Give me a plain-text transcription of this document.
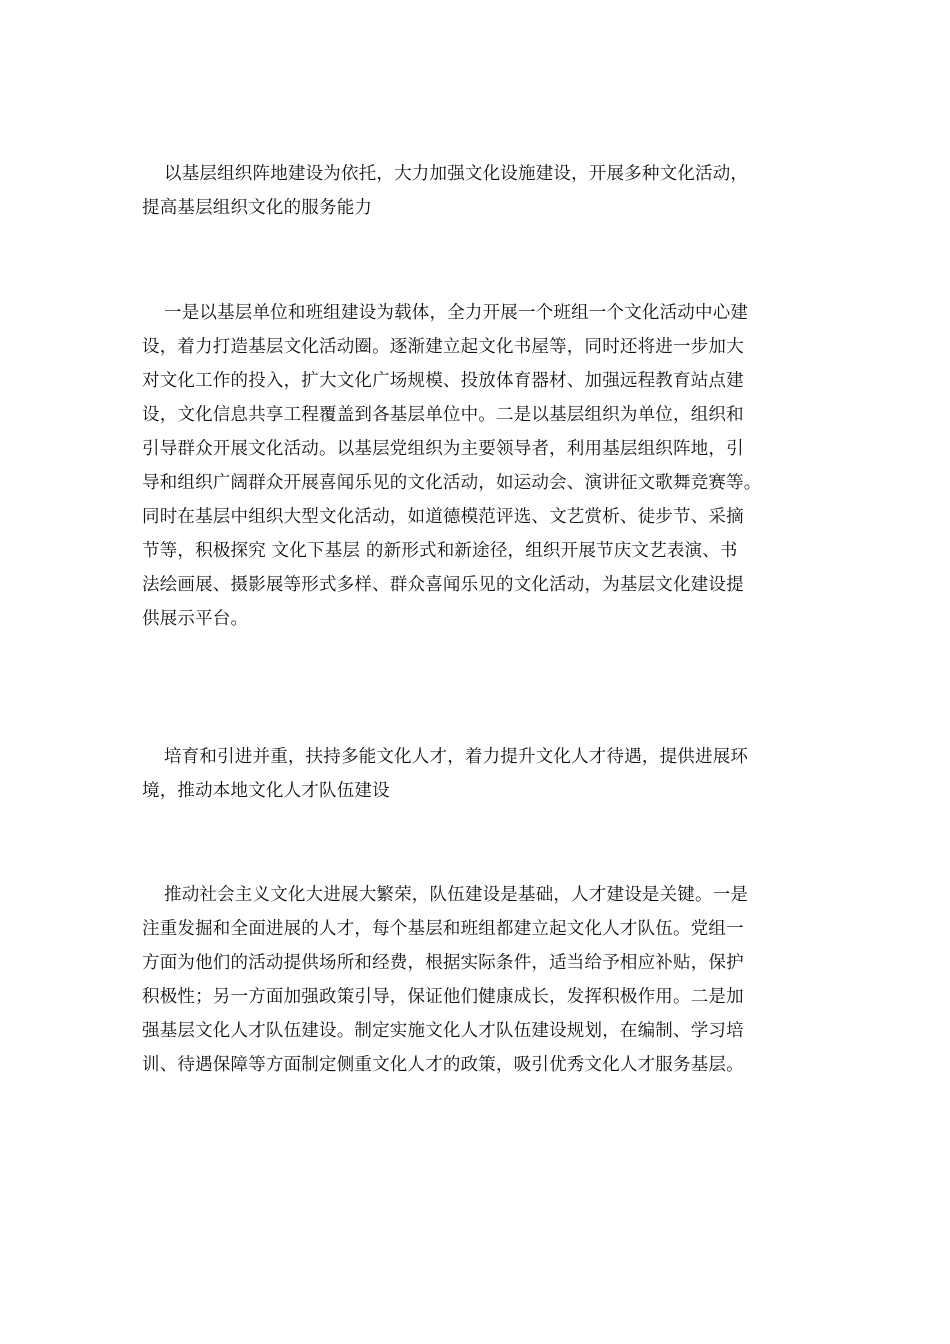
以基层组织阵地建设为依托，大力加强文化设施建设，开展多种文化活动，
提高基层组织文化的服务能力

一是以基层单位和班组建设为载体，全力开展一个班组一个文化活动中心建
设，着力打造基层文化活动圈。逐渐建立起文化书屋等，同时还将进一步加大
对文化工作的投入，扩大文化广场规模、投放体育器材、加强远程教育站点建
设，文化信息共享工程覆盖到各基层单位中。二是以基层组织为单位，组织和
引导群众开展文化活动。以基层党组织为主要领导者，利用基层组织阵地，引
导和组织广阔群众开展喜闻乐见的文化活动，如运动会、演讲征文歌舞竞赛等。
同时在基层中组织大型文化活动，如道德模范评选、文艺赏析、徒步节、采摘
节等，积极探究 文化下基层 的新形式和新途径，组织开展节庆文艺表演、书
法绘画展、摄影展等形式多样、群众喜闻乐见的文化活动，为基层文化建设提
供展示平台。

培育和引进并重，扶持多能文化人才，着力提升文化人才待遇，提供进展环
境，推动本地文化人才队伍建设

推动社会主义文化大进展大繁荣，队伍建设是基础，人才建设是关键。一是
注重发掘和全面进展的人才，每个基层和班组都建立起文化人才队伍。党组一
方面为他们的活动提供场所和经费，根据实际条件，适当给予相应补贴，保护
积极性；另一方面加强政策引导，保证他们健康成长，发挥积极作用。二是加
强基层文化人才队伍建设。制定实施文化人才队伍建设规划，在编制、学习培
训、待遇保障等方面制定侧重文化人才的政策，吸引优秀文化人才服务基层。
